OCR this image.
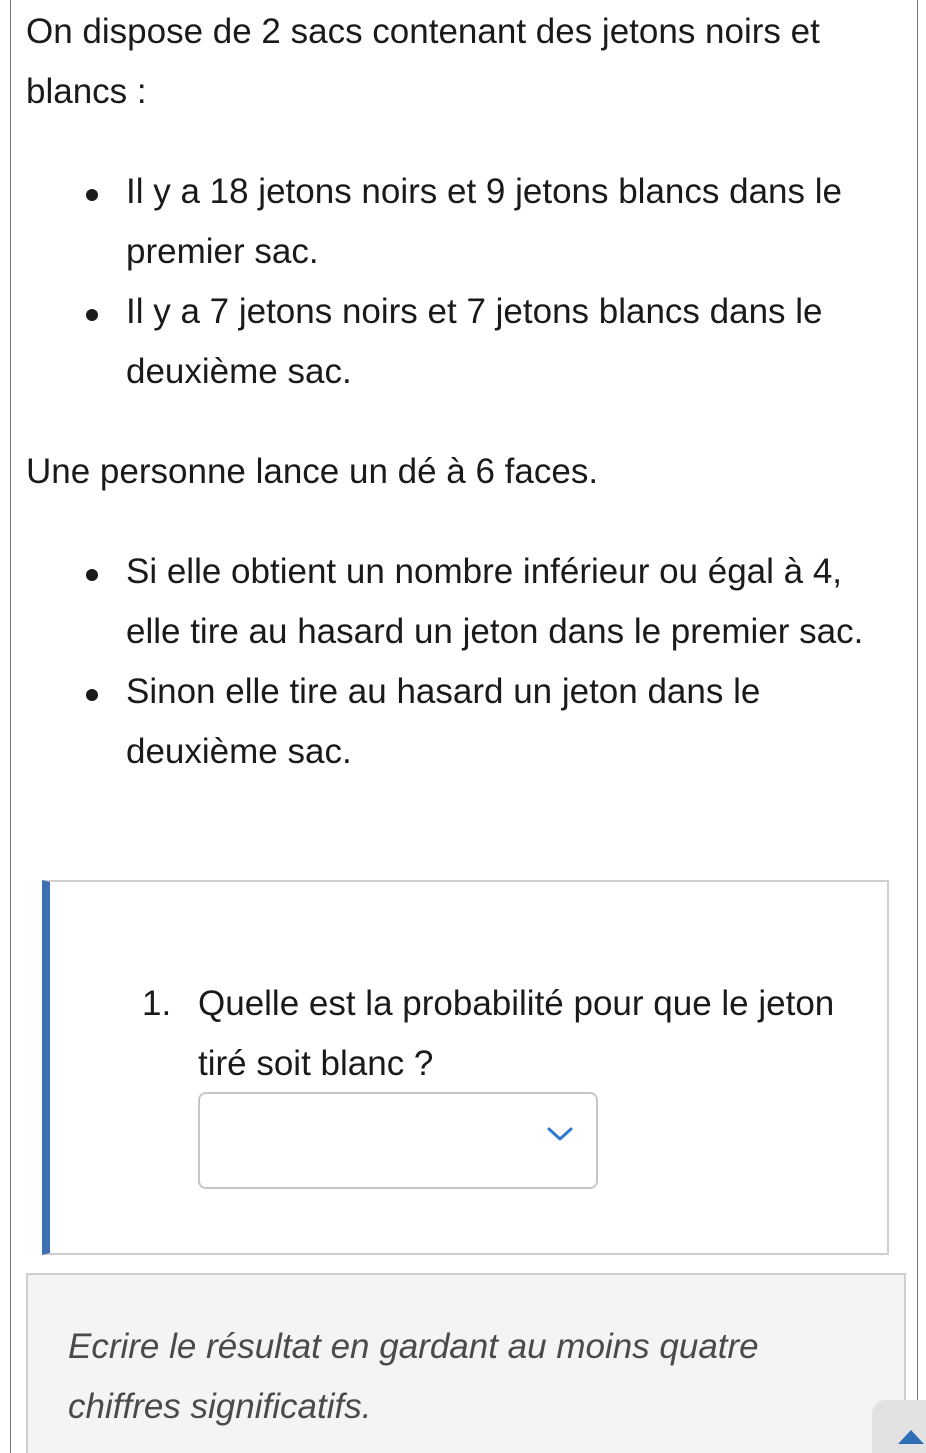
On dispose de 2 sacs contenant des jetons noirs et blancs :

Il y a 18 jetons noirs et 9 jetons blancs dans le premier sac.
Il y a 7 jetons noirs et 7 jetons blancs dans le deuxième sac.

Une personne lance un dé à 6 faces.

Si elle obtient un nombre inférieur ou égal à 4, elle tire au hasard un jeton dans le premier sac.
Sinon elle tire au hasard un jeton dans le deuxième sac.
1. Quelle est la probabilité pour que le jeton tiré soit blanc ?

Ecrire le résultat en gardant au moins quatre chiffres significatifs.
